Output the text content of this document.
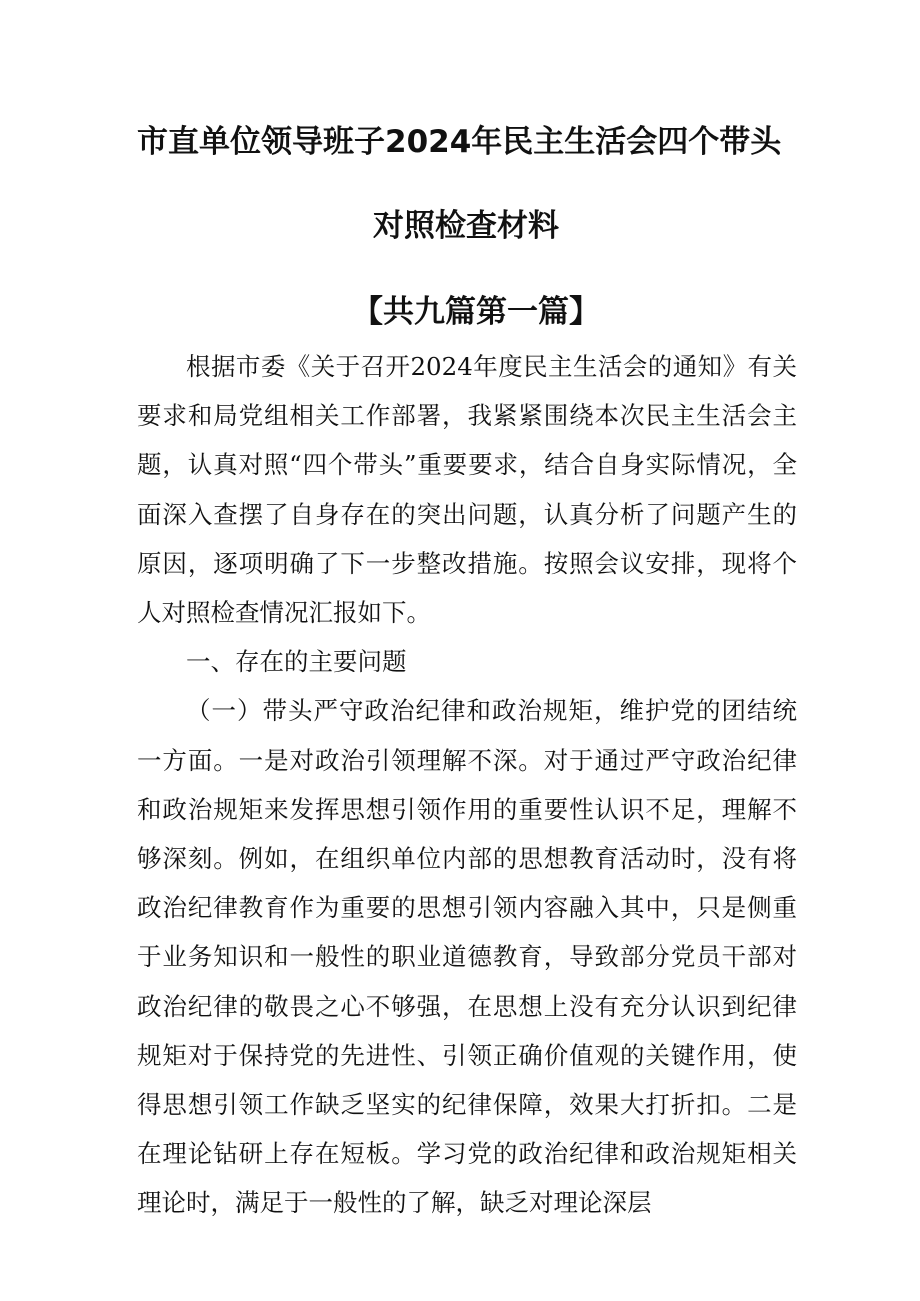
市直单位领导班子2024年民主生活会四个带头
对照检查材料
【共九篇第一篇】

根据市委《关于召开2024年度民主生活会的通知》有关要求和局党组相关工作部署，我紧紧围绕本次民主生活会主题，认真对照“四个带头”重要要求，结合自身实际情况，全面深入查摆了自身存在的突出问题，认真分析了问题产生的原因，逐项明确了下一步整改措施。按照会议安排，现将个人对照检查情况汇报如下。

一、存在的主要问题

（一）带头严守政治纪律和政治规矩，维护党的团结统一方面。一是对政治引领理解不深。对于通过严守政治纪律和政治规矩来发挥思想引领作用的重要性认识不足，理解不够深刻。例如，在组织单位内部的思想教育活动时，没有将政治纪律教育作为重要的思想引领内容融入其中，只是侧重于业务知识和一般性的职业道德教育，导致部分党员干部对政治纪律的敬畏之心不够强，在思想上没有充分认识到纪律规矩对于保持党的先进性、引领正确价值观的关键作用，使得思想引领工作缺乏坚实的纪律保障，效果大打折扣。二是在理论钻研上存在短板。学习党的政治纪律和政治规矩相关理论时，满足于一般性的了解，缺乏对理论深层
